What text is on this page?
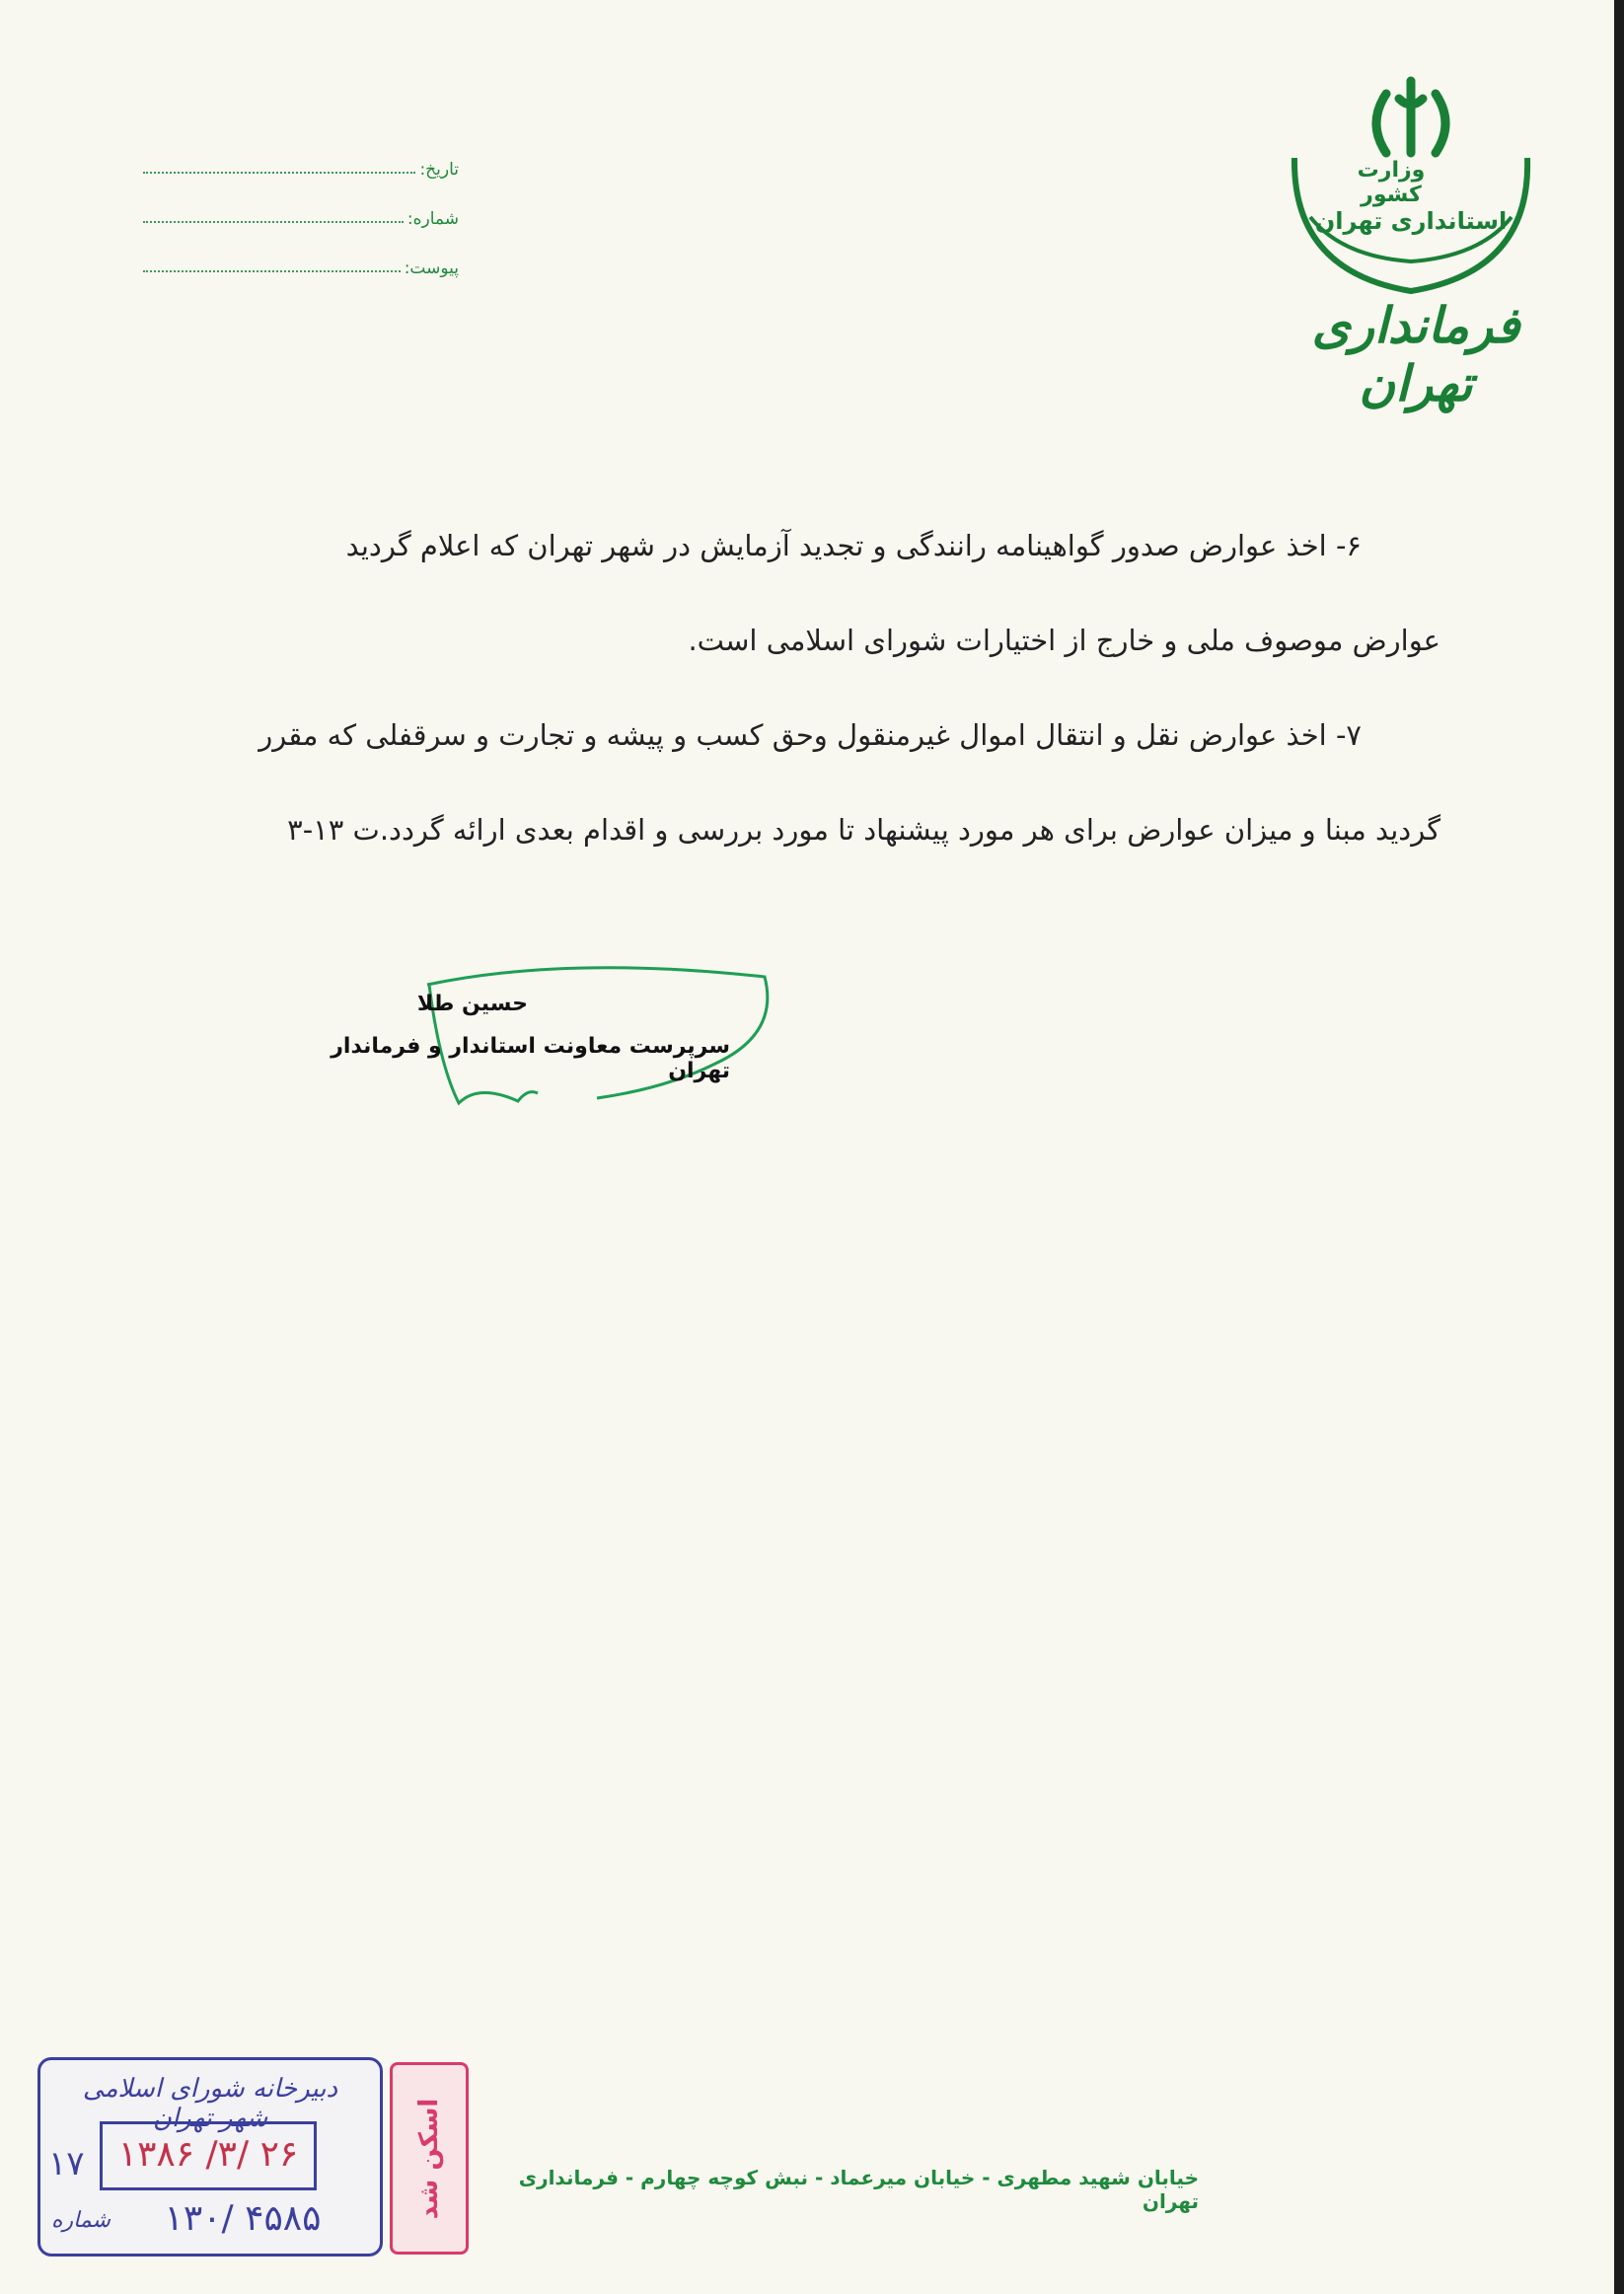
تاریخ:
شماره:
پیوست:
وزارت کشور
استانداری تهران
فرمانداری تهران

۶- اخذ عوارض صدور گواهینامه رانندگی و تجدید آزمایش در شهر تهران که اعلام گردید

عوارض موصوف ملی و خارج از اختیارات شورای اسلامی است.

۷- اخذ عوارض نقل و انتقال اموال غیرمنقول وحق کسب و پیشه و تجارت و سرقفلی که مقرر

گردید مبنا و میزان عوارض برای هر مورد پیشنهاد تا مورد بررسی و اقدام بعدی ارائه گردد.ت ۱۳-۳

حسین طلا
سرپرست معاونت استاندار و فرماندار تهران
خیابان شهید مطهری - خیابان میرعماد - نبش کوچه چهارم - فرمانداری تهران
دبیرخانه شورای اسلامی شهر تهران
۱۷ ۱۳۸۶ /۳/ ۲۶
۱۳۰/ ۴۵۸۵
شماره
اسکن شد
